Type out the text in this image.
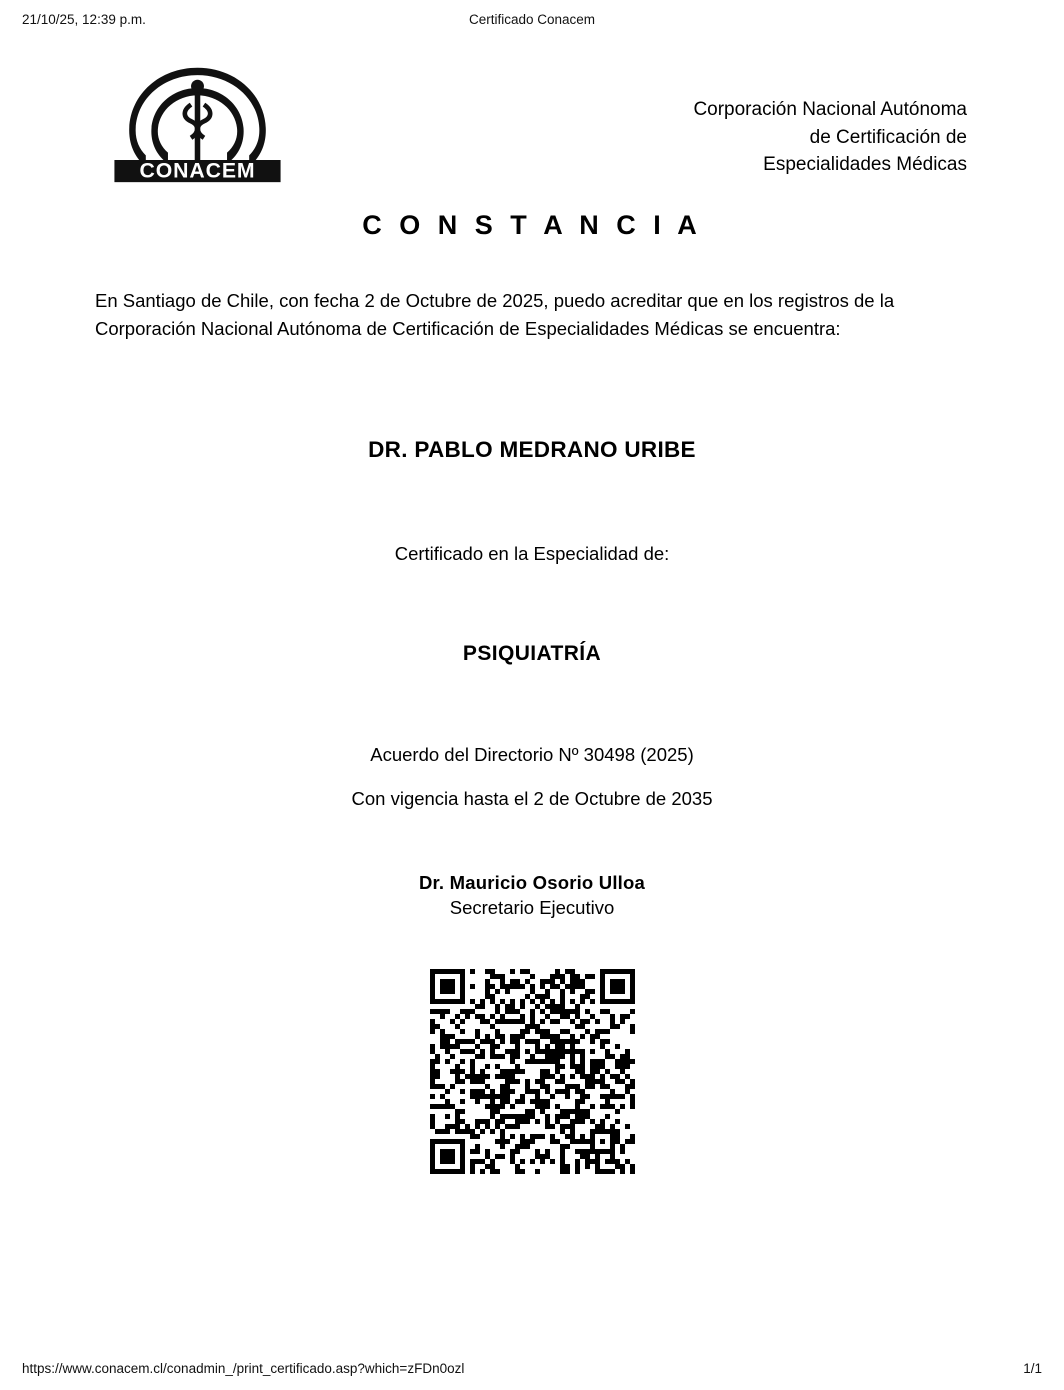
21/10/25, 12:39 p.m.	Certificado Conacem
CONACEM
Corporación Nacional Autónoma
de Certificación de
Especialidades Médicas
C O N S T A N C I A
En Santiago de Chile, con fecha 2 de Octubre de 2025, puedo acreditar que en los registros de la Corporación Nacional Autónoma de Certificación de Especialidades Médicas se encuentra:
DR. PABLO MEDRANO URIBE
Certificado en la Especialidad de:
PSIQUIATRÍA
Acuerdo del Directorio Nº 30498 (2025)
Con vigencia hasta el 2 de Octubre de 2035
Dr. Mauricio Osorio Ulloa
Secretario Ejecutivo
https://www.conacem.cl/conadmin_/print_certificado.asp?which=zFDn0ozl	1/1
